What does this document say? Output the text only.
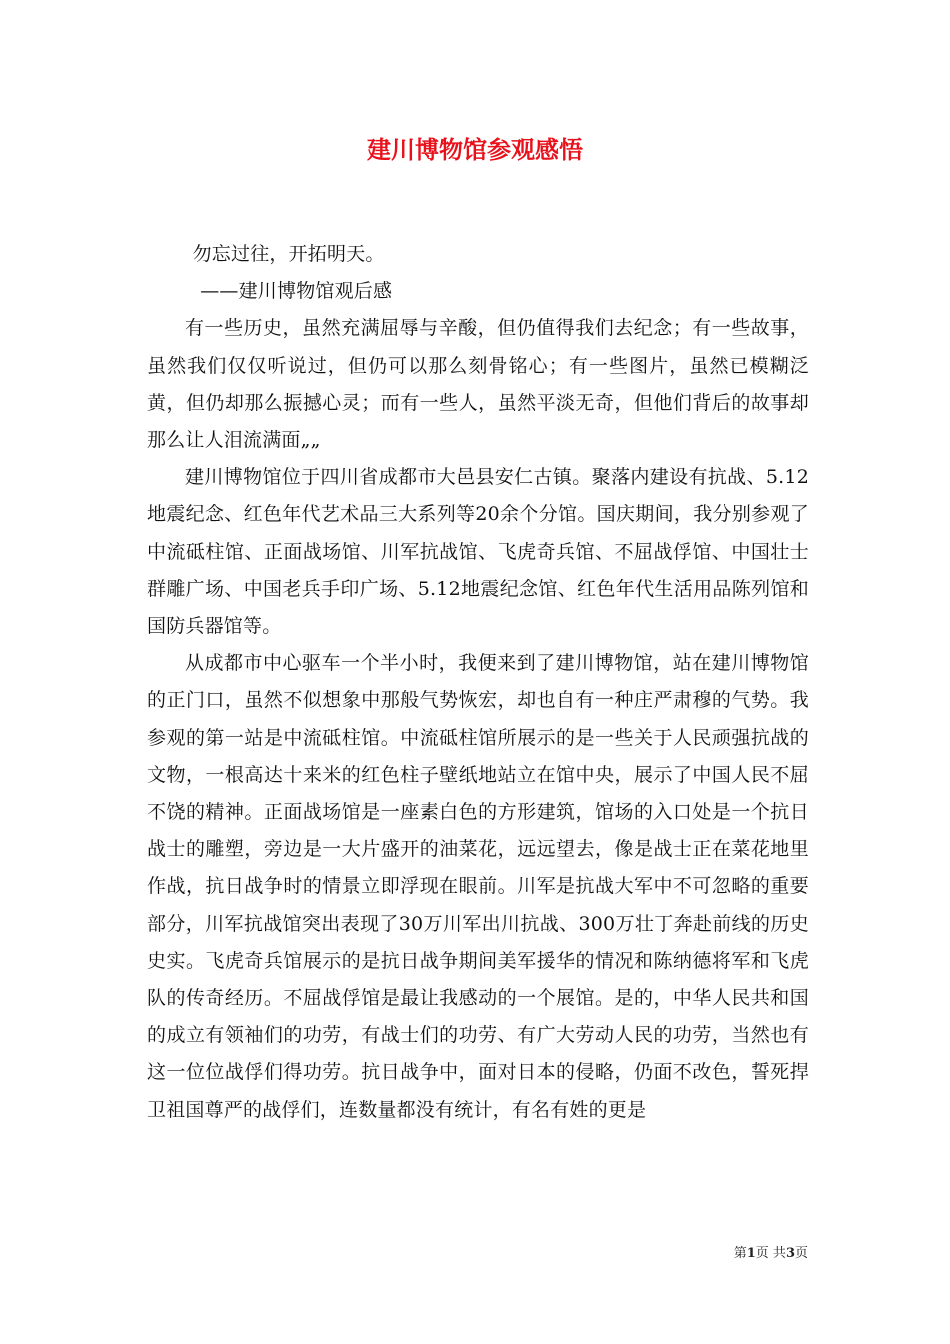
建川博物馆参观感悟

勿忘过往，开拓明天。

——建川博物馆观后感

有一些历史，虽然充满屈辱与辛酸，但仍值得我们去纪念；有一些故事，虽然我们仅仅听说过，但仍可以那么刻骨铭心；有一些图片，虽然已模糊泛黄，但仍却那么振撼心灵；而有一些人，虽然平淡无奇，但他们背后的故事却那么让人泪流满面„„

建川博物馆位于四川省成都市大邑县安仁古镇。聚落内建设有抗战、5.12地震纪念、红色年代艺术品三大系列等20余个分馆。国庆期间，我分别参观了中流砥柱馆、正面战场馆、川军抗战馆、飞虎奇兵馆、不屈战俘馆、中国壮士群雕广场、中国老兵手印广场、5.12地震纪念馆、红色年代生活用品陈列馆和国防兵器馆等。

从成都市中心驱车一个半小时，我便来到了建川博物馆，站在建川博物馆的正门口，虽然不似想象中那般气势恢宏，却也自有一种庄严肃穆的气势。我参观的第一站是中流砥柱馆。中流砥柱馆所展示的是一些关于人民顽强抗战的文物，一根高达十来米的红色柱子壁纸地站立在馆中央，展示了中国人民不屈不饶的精神。正面战场馆是一座素白色的方形建筑，馆场的入口处是一个抗日战士的雕塑，旁边是一大片盛开的油菜花，远远望去，像是战士正在菜花地里作战，抗日战争时的情景立即浮现在眼前。川军是抗战大军中不可忽略的重要部分，川军抗战馆突出表现了30万川军出川抗战、300万壮丁奔赴前线的历史史实。飞虎奇兵馆展示的是抗日战争期间美军援华的情况和陈纳德将军和飞虎队的传奇经历。不屈战俘馆是最让我感动的一个展馆。是的，中华人民共和国的成立有领袖们的功劳，有战士们的功劳、有广大劳动人民的功劳，当然也有这一位位战俘们得功劳。抗日战争中，面对日本的侵略，仍面不改色，誓死捍卫祖国尊严的战俘们，连数量都没有统计，有名有姓的更是

第1页 共3页
